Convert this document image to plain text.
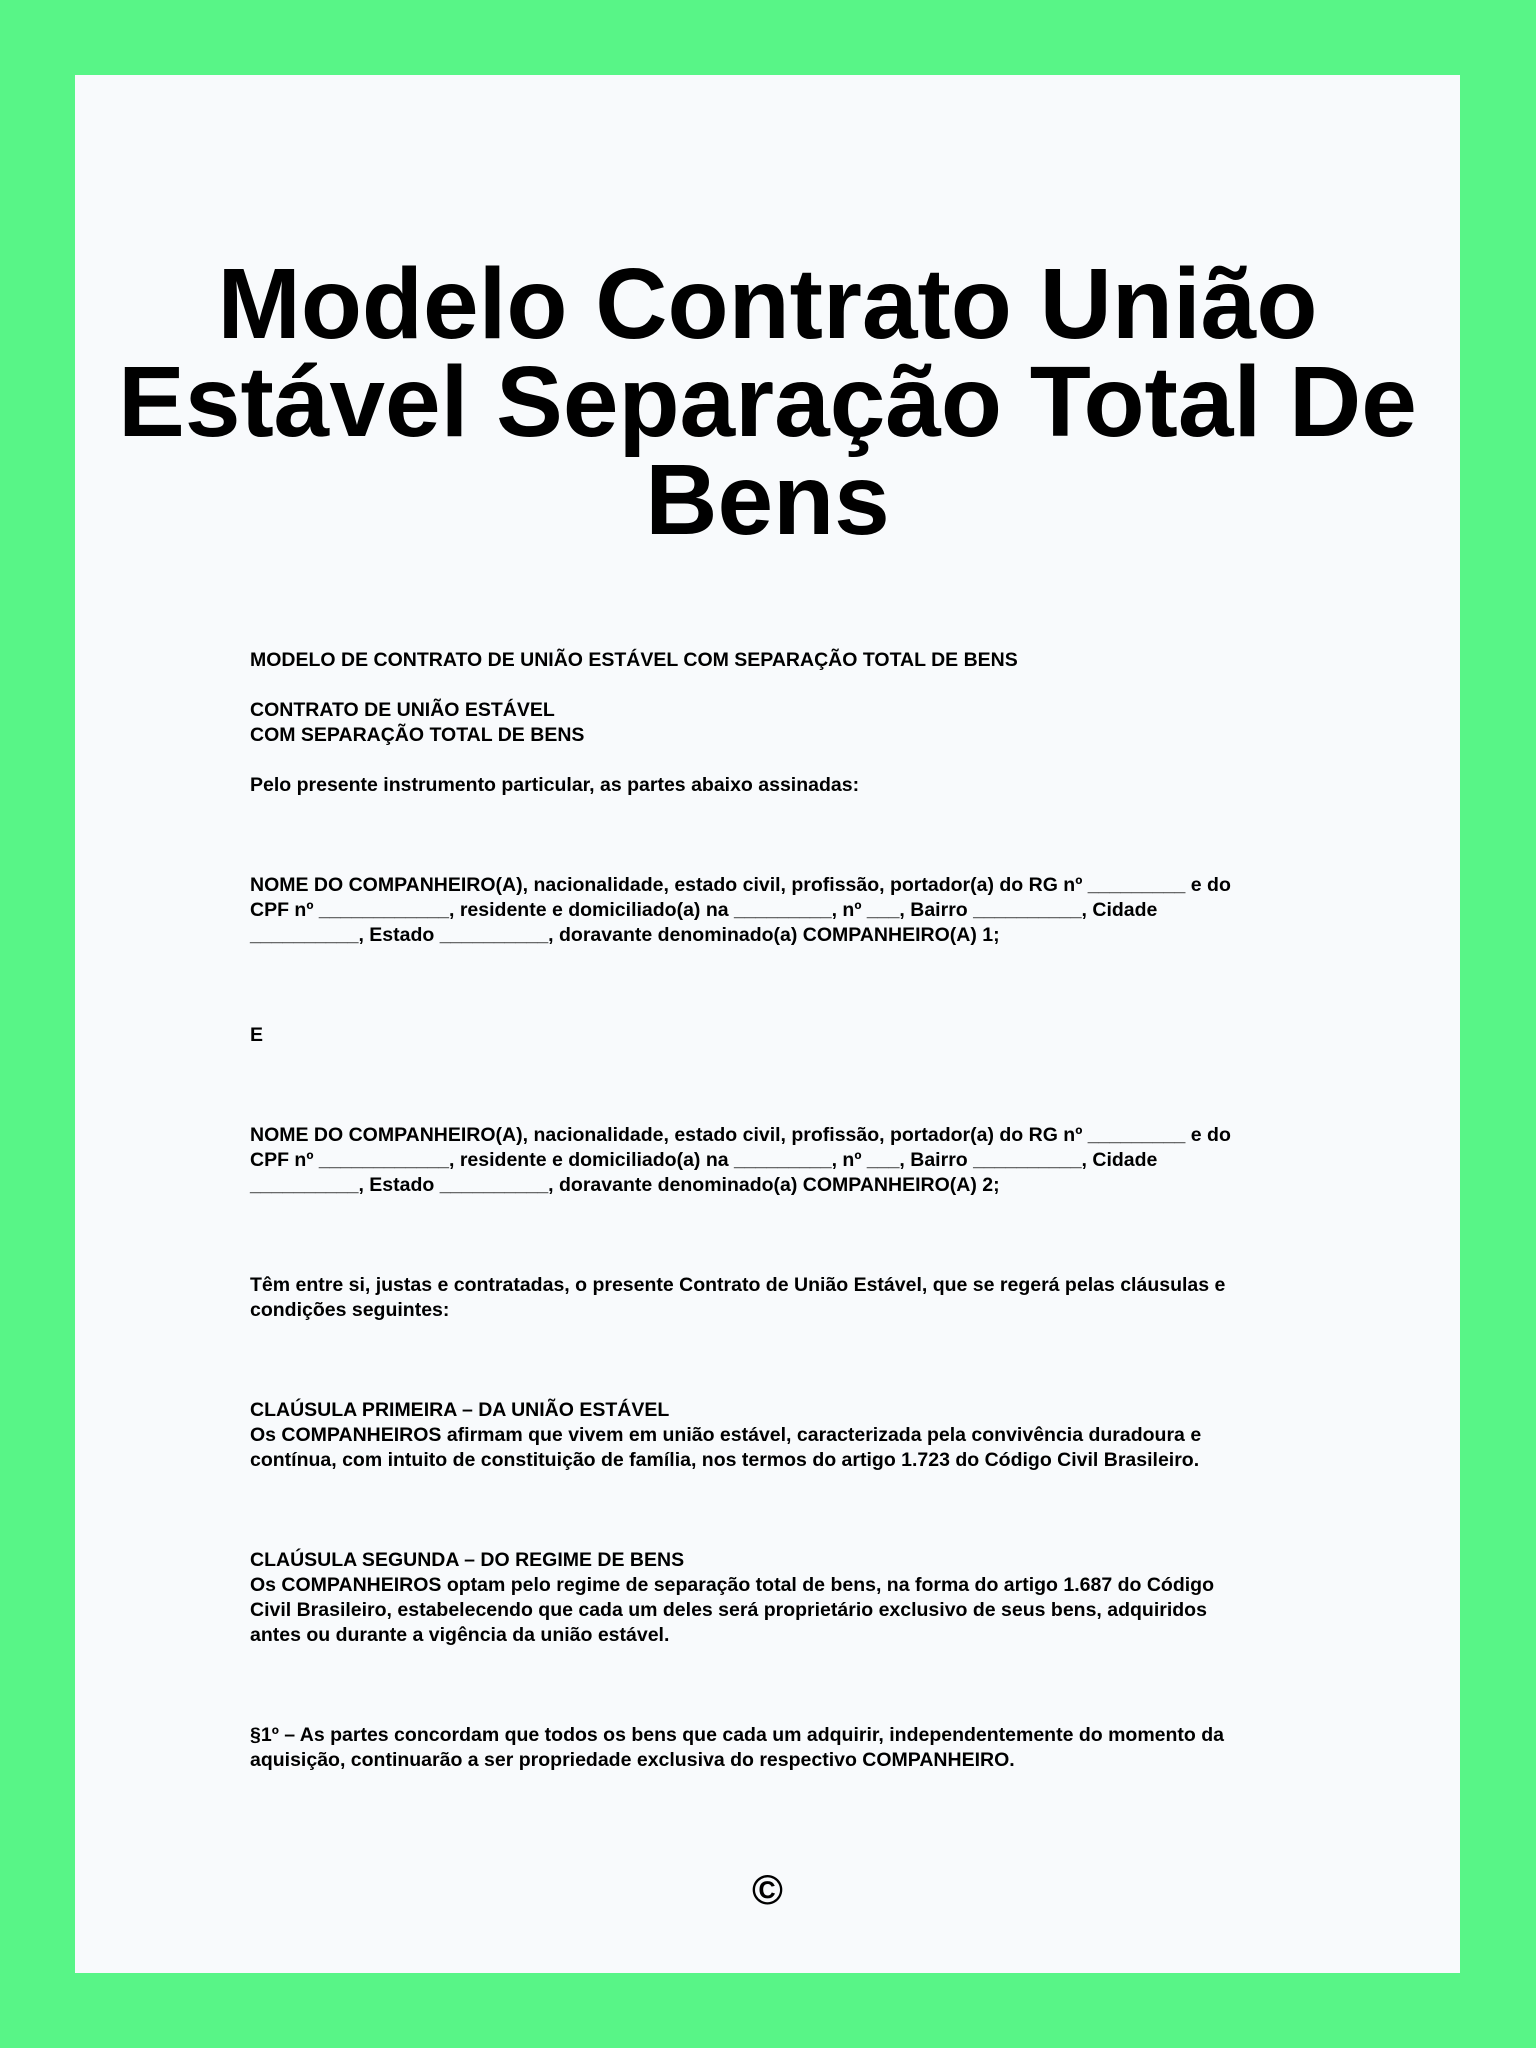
Modelo Contrato União
Estável Separação Total De
Bens
MODELO DE CONTRATO DE UNIÃO ESTÁVEL COM SEPARAÇÃO TOTAL DE BENS
CONTRATO DE UNIÃO ESTÁVEL
COM SEPARAÇÃO TOTAL DE BENS
Pelo presente instrumento particular, as partes abaixo assinadas:
NOME DO COMPANHEIRO(A), nacionalidade, estado civil, profissão, portador(a) do RG nº _________ e do
CPF nº ____________, residente e domiciliado(a) na _________, nº ___, Bairro __________, Cidade
__________, Estado __________, doravante denominado(a) COMPANHEIRO(A) 1;
E
NOME DO COMPANHEIRO(A), nacionalidade, estado civil, profissão, portador(a) do RG nº _________ e do
CPF nº ____________, residente e domiciliado(a) na _________, nº ___, Bairro __________, Cidade
__________, Estado __________, doravante denominado(a) COMPANHEIRO(A) 2;
Têm entre si, justas e contratadas, o presente Contrato de União Estável, que se regerá pelas cláusulas e
condições seguintes:
CLAÚSULA PRIMEIRA – DA UNIÃO ESTÁVEL
Os COMPANHEIROS afirmam que vivem em união estável, caracterizada pela convivência duradoura e
contínua, com intuito de constituição de família, nos termos do artigo 1.723 do Código Civil Brasileiro.
CLAÚSULA SEGUNDA – DO REGIME DE BENS
Os COMPANHEIROS optam pelo regime de separação total de bens, na forma do artigo 1.687 do Código
Civil Brasileiro, estabelecendo que cada um deles será proprietário exclusivo de seus bens, adquiridos
antes ou durante a vigência da união estável.
§1º – As partes concordam que todos os bens que cada um adquirir, independentemente do momento da
aquisição, continuarão a ser propriedade exclusiva do respectivo COMPANHEIRO.
©
